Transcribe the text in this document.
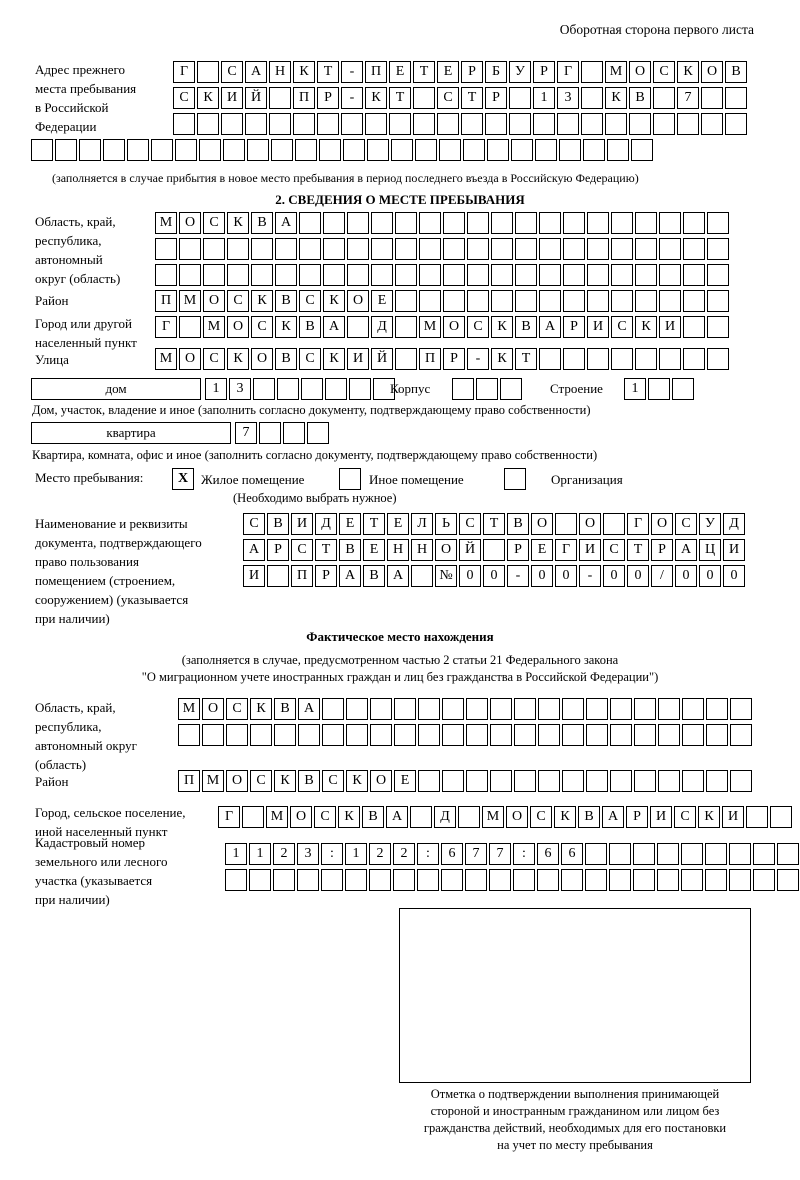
Оборотная сторона первого листа
Адрес прежнего
места пребывания
в Российской
Федерации
Г	С	А Н	К	Т	-	П	Е	Т	Е	Р	Б	У	Р	Г	М О	С	К	О	В
С	К	И Й	П	Р	-	К	Т	С	Т	Р	1	3	К	В	7
(заполняется в случае прибытия в новое место пребывания в период последнего въезда в Российскую Федерацию)
2. СВЕДЕНИЯ О МЕСТЕ ПРЕБЫВАНИЯ
Область, край,
республика,
автономный
округ (область)
М О	С	К	В	А
Район	П М О	С	К	В	С	К	О	Е
Город или другой
населенный пункт
Г	М О	С	К	В	А	Д	М О	С	К	В	А	Р	И	С	К	И
Улица	М О	С	К	О	В	С	К	И Й	П	Р	-	К	Т
дом	1	3	Корпус	Строение	1
Дом, участок, владение и иное (заполнить согласно документу, подтверждающему право собственности)
квартира	7
Квартира, комната, офис и иное (заполнить согласно документу, подтверждающему право собственности)
Место пребывания:	Х Жилое помещение	Иное помещение	Организация
(Необходимо выбрать нужное)
Наименование и реквизиты
документа, подтверждающего
право пользования
помещением (строением,
сооружением) (указывается
при наличии)
С	В	И	Д	Е	Т	Е	Л	Ь	С	Т	В	О	О	Г	О	С	У	Д
А	Р	С	Т	В	Е	Н Н О Й	Р	Е	Г	И	С	Т	Р	А Ц И
И	П	Р	А	В	А	№ 0	0	-	0	0	-	0	0	/	0	0	0
Фактическое место нахождения
(заполняется в случае, предусмотренном частью 2 статьи 21 Федерального закона
"О миграционном учете иностранных граждан и лиц без гражданства в Российской Федерации")
Область, край,
республика,
автономный округ
(область)
М О	С	К	В	А
Район	П М О	С	К	В	С	К	О	Е
Город, сельское поселение,
иной населенный пункт
Г	М О	С	К	В	А	Д	М О	С	К	В	А	Р	И	С	К	И
Кадастровый номер
земельного или лесного
участка (указывается
при наличии)
1	1	2	3	:	1	2	2	:	6	7	7	:	6	6
Отметка о подтверждении выполнения принимающей
стороной и иностранным гражданином или лицом без
гражданства действий, необходимых для его постановки
на учет по месту пребывания
